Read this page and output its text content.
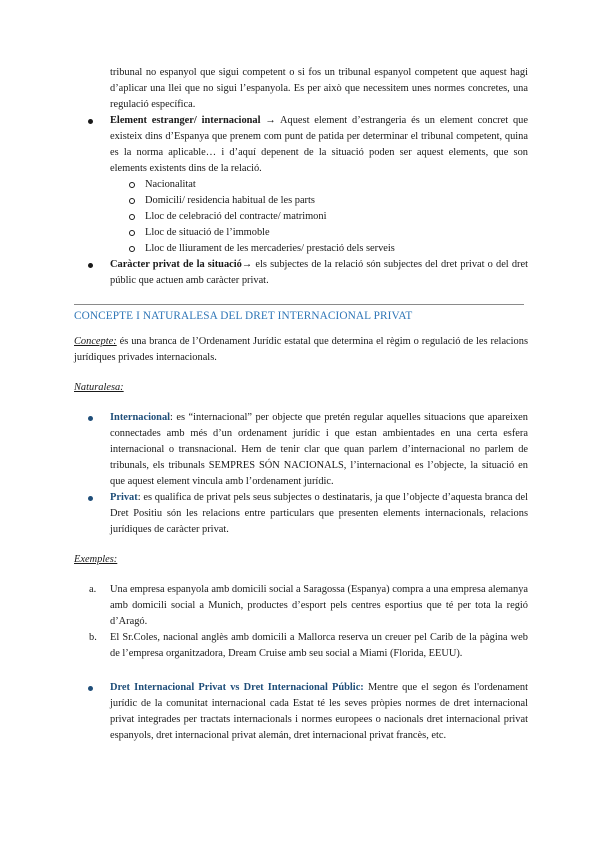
tribunal no espanyol que sigui competent o si fos un tribunal espanyol competent que aquest hagi d’aplicar una llei que no sigui l’espanyola. Es per això que necessitem unes normes concretes, una regulació específica.

Element estranger/ internacional → Aquest element d’estrangeria és un element concret que existeix dins d’Espanya que prenem com punt de patida per determinar el tribunal competent, quina es la norma aplicable… i d’aquí depenent de la situació poden ser aquest elements, que son elements existents dins de la relació.
Nacionalitat
Domicili/ residencia habitual de les parts
Lloc de celebració del contracte/ matrimoni
Lloc de situació de l’immoble
Lloc de lliurament de les mercaderies/ prestació dels serveis
Caràcter privat de la situació→ els subjectes de la relació són subjectes del dret privat o del dret públic que actuen amb caràcter privat.
CONCEPTE I NATURALESA DEL DRET INTERNACIONAL PRIVAT

Concepte: és una branca de l’Ordenament Jurídic estatal que determina el règim o regulació de les relacions jurídiques privades internacionals.

Naturalesa:

Internacional: es “internacional” per objecte que pretén regular aquelles situacions que apareixen connectades amb més d’un ordenament jurídic i que estan ambientades en una certa esfera internacional o transnacional. Hem de tenir clar que quan parlem d’internacional no parlem de tribunals, els tribunals SEMPRES SÓN NACIONALS, l’internacional es l’objecte, la situació en que aquest element vincula amb l’ordenament jurídic.
Privat: es qualifica de privat pels seus subjectes o destinataris, ja que l’objecte d’aquesta branca del Dret Positiu són les relacions entre particulars que presenten elements internacionals, relacions jurídiques de caràcter privat.

Exemples:

a. Una empresa espanyola amb domicili social a Saragossa (Espanya) compra a una empresa alemanya amb domicili social a Munich, productes d’esport pels centres esportius que té per tota la regió d’Aragó.
b. El Sr.Coles, nacional anglès amb domicili a Mallorca reserva un creuer pel Carib de la pàgina web de l’empresa organitzadora, Dream Cruise amb seu social a Miami (Florida, EEUU).
Dret Internacional Privat vs Dret Internacional Públic: Mentre que el segon és l'ordenament jurídic de la comunitat internacional cada Estat té les seves pròpies normes de dret internacional privat integrades per tractats internacionals i normes europees o nacionals dret internacional privat espanyols, dret internacional privat alemán, dret internacional privat francès, etc.
